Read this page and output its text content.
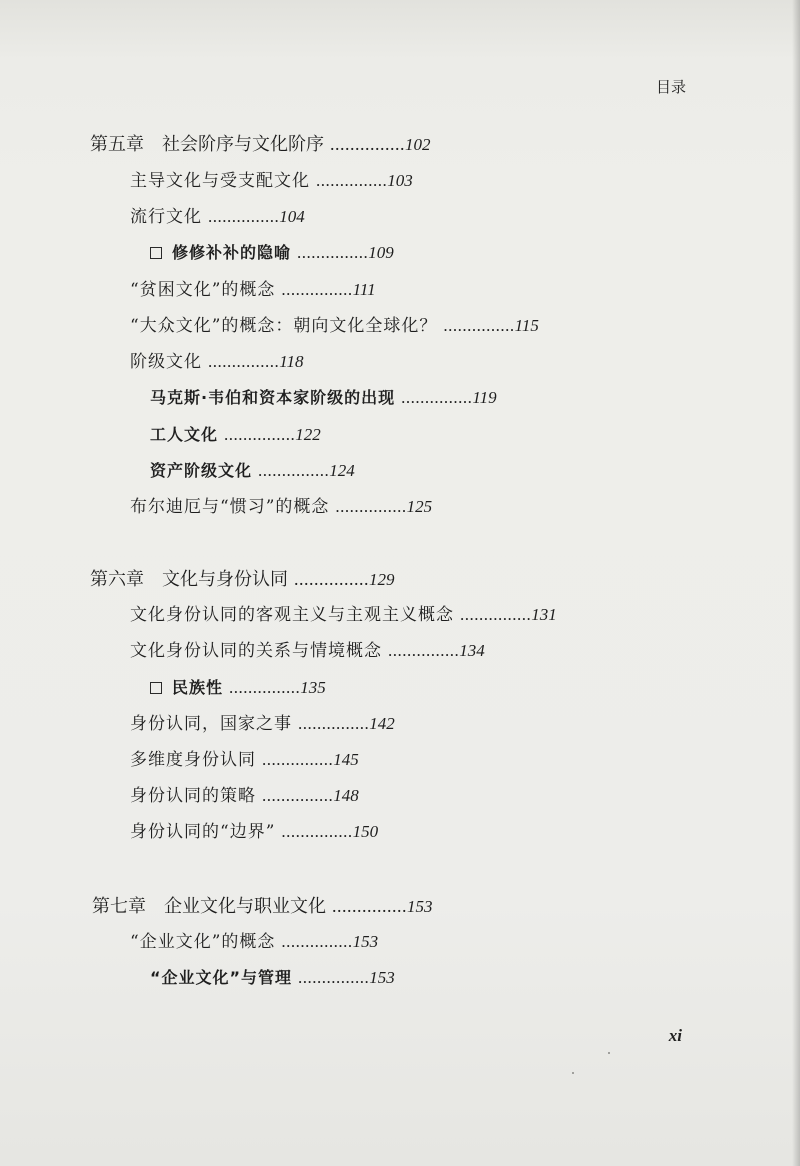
目录
第五章 社会阶序与文化阶序 ...............102
主导文化与受支配文化 ...............103
流行文化 ...............104
修修补补的隐喻 ...............109
“贫困文化”的概念 ...............111
“大众文化”的概念：朝向文化全球化？ ...............115
阶级文化 ...............118
马克斯·韦伯和资本家阶级的出现 ...............119
工人文化 ...............122
资产阶级文化 ...............124
布尔迪厄与“惯习”的概念 ...............125
第六章 文化与身份认同 ...............129
文化身份认同的客观主义与主观主义概念 ...............131
文化身份认同的关系与情境概念 ...............134
民族性 ...............135
身份认同，国家之事 ...............142
多维度身份认同 ...............145
身份认同的策略 ...............148
身份认同的“边界” ...............150
第七章 企业文化与职业文化 ...............153
“企业文化”的概念 ...............153
“企业文化”与管理 ...............153
xi
